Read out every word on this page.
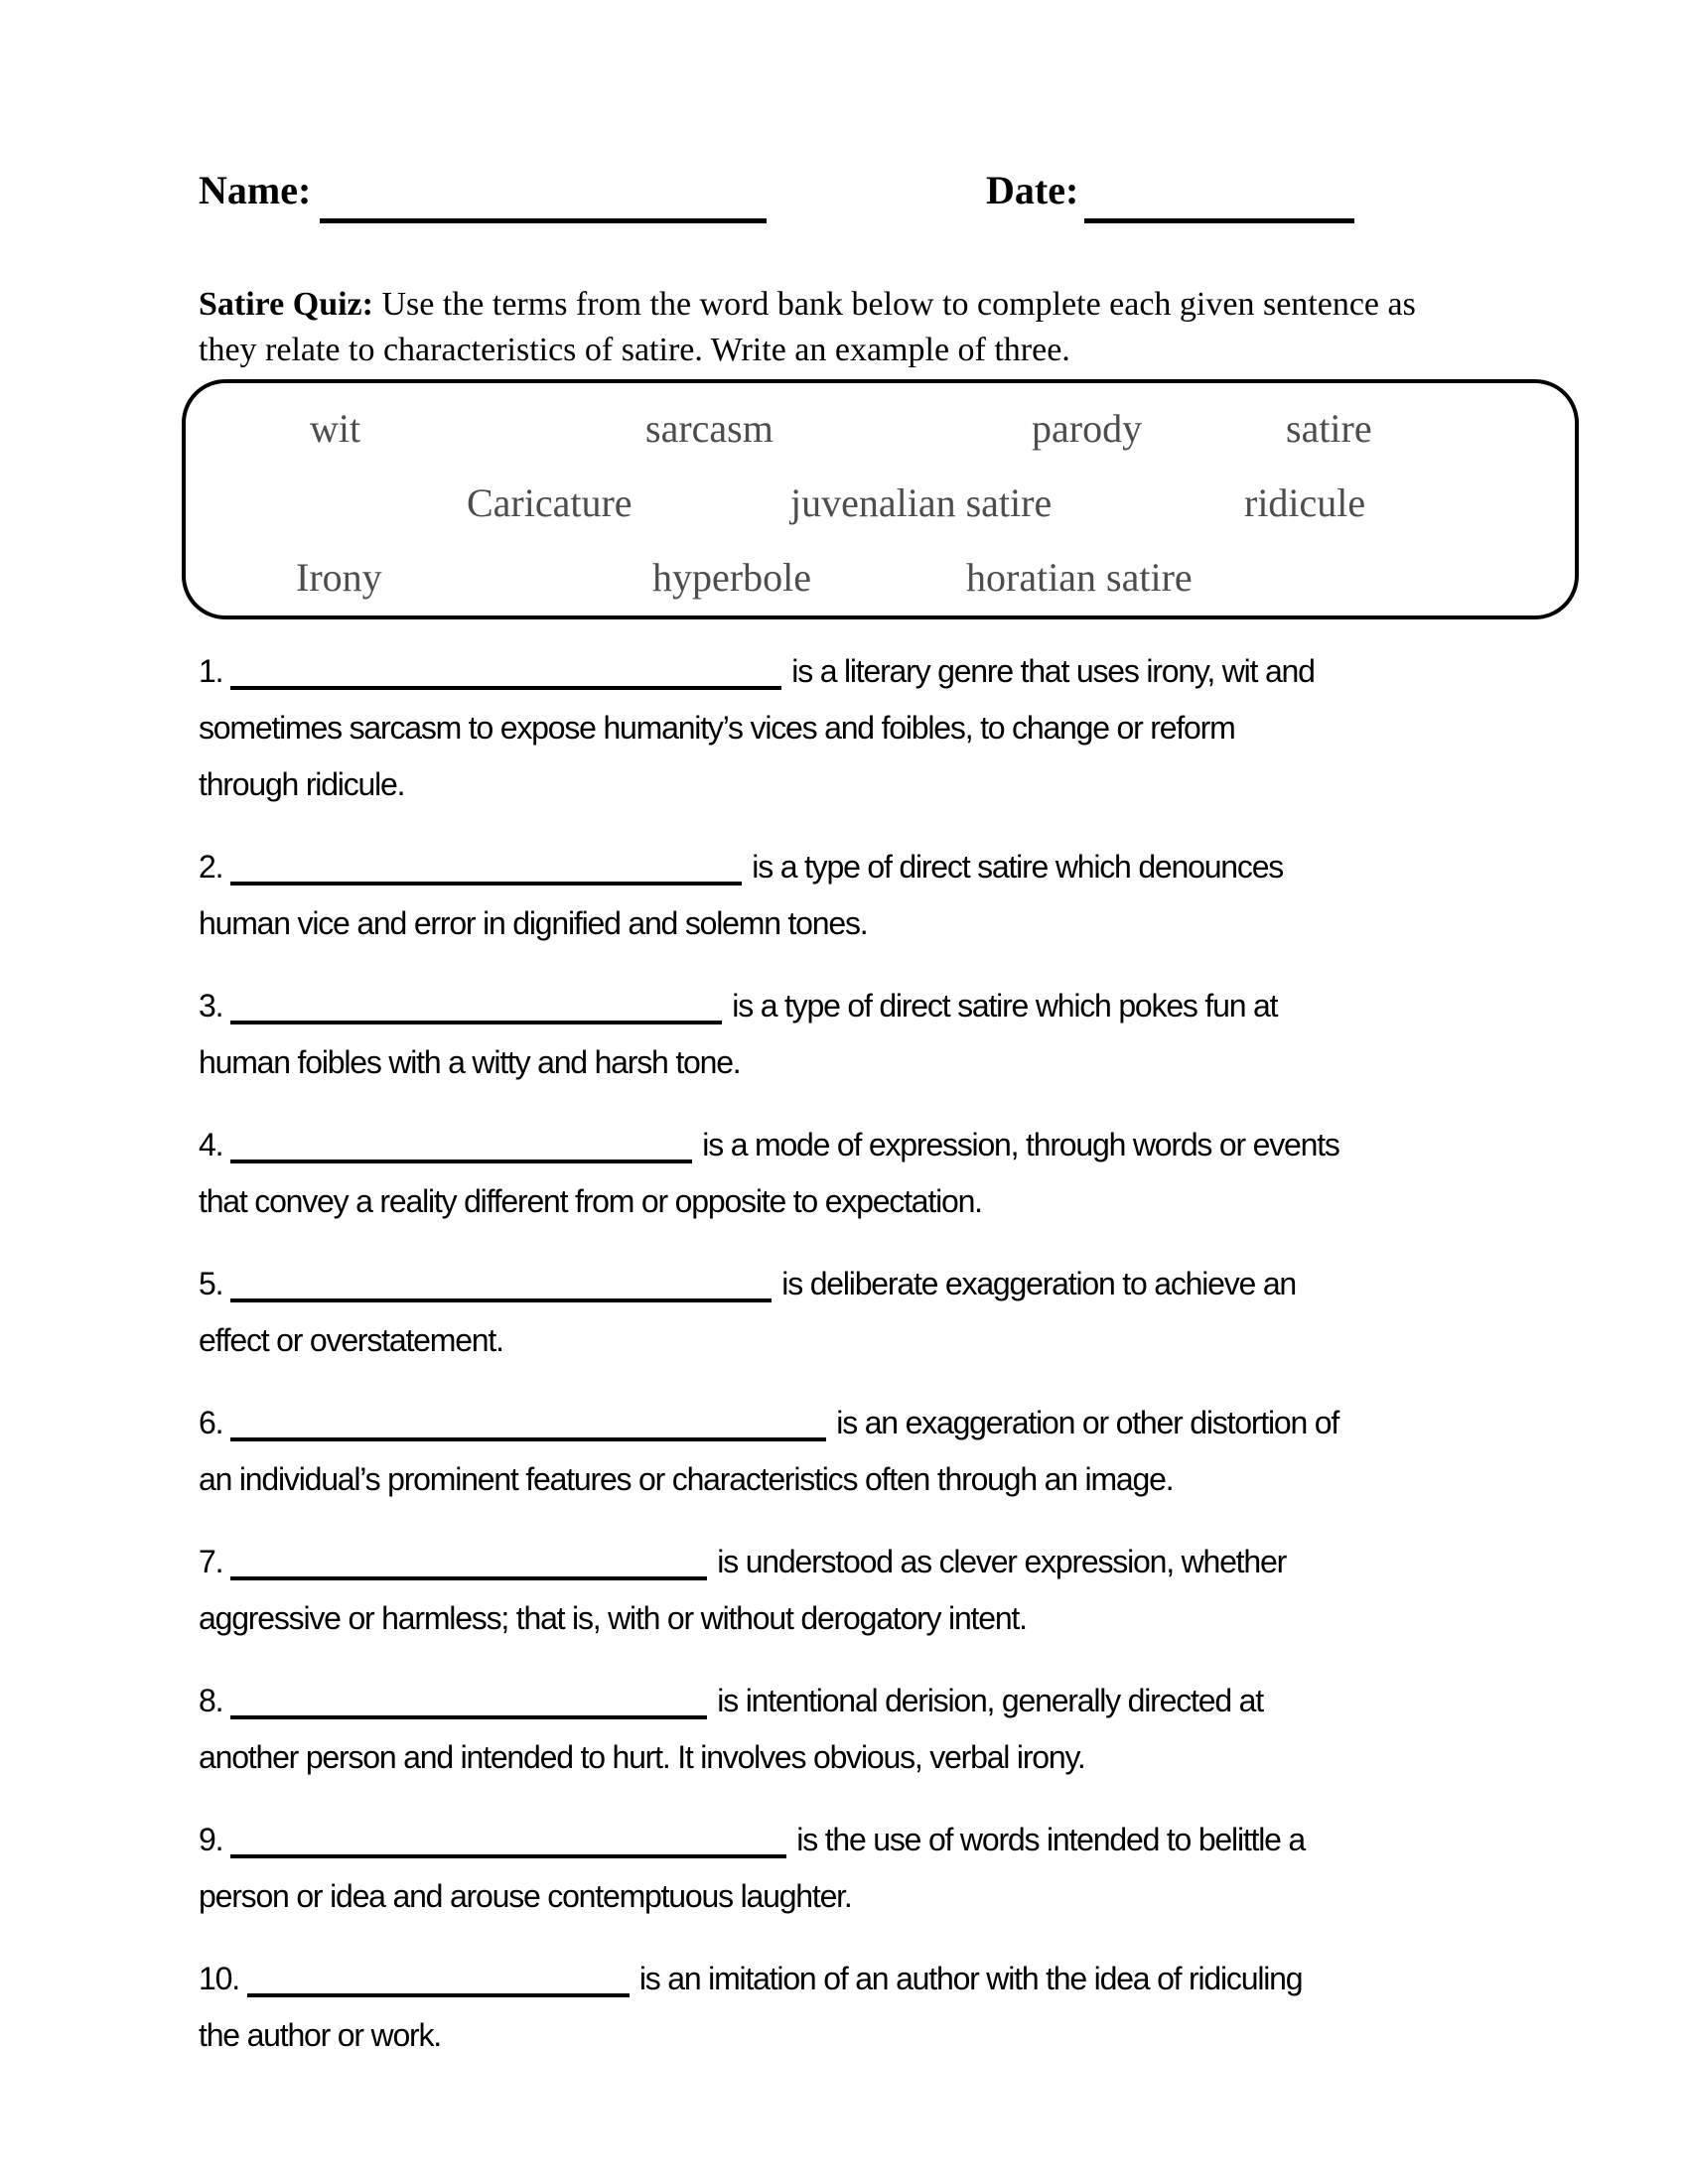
Name:	Date:

Satire Quiz: Use the terms from the word bank below to complete each given sentence as they relate to characteristics of satire. Write an example of three.

wit	sarcasm	parody	satire
Caricature	juvenalian satire	ridicule
Irony	hyperbole	horatian satire
1.	is a literary genre that uses irony, wit and
sometimes sarcasm to expose humanity’s vices and foibles, to change or reform
through ridicule.
2.	is a type of direct satire which denounces
human vice and error in dignified and solemn tones.
3.	is a type of direct satire which pokes fun at
human foibles with a witty and harsh tone.
4.	is a mode of expression, through words or events
that convey a reality different from or opposite to expectation.
5.	is deliberate exaggeration to achieve an
effect or overstatement.
6.	is an exaggeration or other distortion of
an individual’s prominent features or characteristics often through an image.
7.	is understood as clever expression, whether
aggressive or harmless; that is, with or without derogatory intent.
8.	is intentional derision, generally directed at
another person and intended to hurt. It involves obvious, verbal irony.
9.	is the use of words intended to belittle a
person or idea and arouse contemptuous laughter.
10.	is an imitation of an author with the idea of ridiculing
the author or work.
